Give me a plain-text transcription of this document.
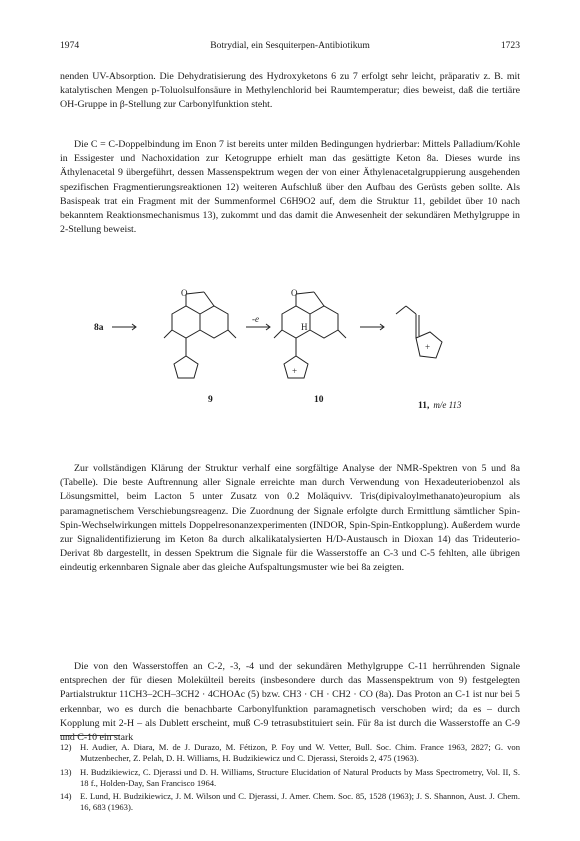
1974	Botrydial, ein Sesquiterpen-Antibiotikum	1723

nenden UV-Absorption. Die Dehydratisierung des Hydroxyketons 6 zu 7 erfolgt sehr leicht, präparativ z. B. mit katalytischen Mengen p-Toluolsulfonsäure in Methylenchlorid bei Raumtemperatur; dies beweist, daß die tertiäre OH-Gruppe in β-Stellung zur Carbonylfunktion steht.

Die C = C-Doppelbindung im Enon 7 ist bereits unter milden Bedingungen hydrierbar: Mittels Palladium/Kohle in Essigester und Nachoxidation zur Ketogruppe erhielt man das gesättigte Keton 8a. Dieses wurde ins Äthylenacetal 9 übergeführt, dessen Massenspektrum wegen der von einer Äthylenacetalgruppierung ausgehenden spezifischen Fragmentierungsreaktionen 12) weiteren Aufschluß über den Aufbau des Gerüsts geben sollte. Als Basispeak trat ein Fragment mit der Summenformel C6H9O2 auf, dem die Struktur 11, gebildet über 10 nach bekanntem Reaktionsmechanismus 13), zukommt und das damit die Anwesenheit der sekundären Methylgruppe in 2-Stellung beweist.

O	O
H
+
+
-e
8a
9	10
11, m/e 113

Zur vollständigen Klärung der Struktur verhalf eine sorgfältige Analyse der NMR-Spektren von 5 und 8a (Tabelle). Die beste Auftrennung aller Signale erreichte man durch Verwendung von Hexadeuteriobenzol als Lösungsmittel, beim Lacton 5 unter Zusatz von 0.2 Moläquivv. Tris(dipivaloylmethanato)europium als paramagnetischem Verschiebungsreagenz. Die Zuordnung der Signale erfolgte durch Ermittlung sämtlicher Spin-Spin-Wechselwirkungen mittels Doppelresonanzexperimenten (INDOR, Spin-Spin-Entkopplung). Außerdem wurde zur Signalidentifizierung im Keton 8a durch alkalikatalysierten H/D-Austausch in Dioxan 14) das Trideuterio-Derivat 8b dargestellt, in dessen Spektrum die Signale für die Wasserstoffe an C-3 und C-5 fehlten, alle übrigen eindeutig erkennbaren Signale aber das gleiche Aufspaltungsmuster wie bei 8a zeigten.

Die von den Wasserstoffen an C-2, -3, -4 und der sekundären Methylgruppe C-11 herrührenden Signale entsprechen der für diesen Molekülteil bereits (insbesondere durch das Massenspektrum von 9) festgelegten Partialstruktur 11CH3–2CH–3CH2 · 4CHOAc (5) bzw. CH3 · CH · CH2 · CO (8a). Das Proton an C-1 ist nur bei 5 erkennbar, wo es durch die benachbarte Carbonylfunktion paramagnetisch verschoben wird; da es – durch Kopplung mit 2-H – als Dublett erscheint, muß C-9 tetrasubstituiert sein. Für 8a ist durch die Wasserstoffe an C-9 und C-10 ein stark

12) H. Audier, A. Diara, M. de J. Durazo, M. Fétizon, P. Foy und W. Vetter, Bull. Soc. Chim. France 1963, 2827; G. von Mutzenbecher, Z. Pelah, D. H. Williams, H. Budzikiewicz und C. Djerassi, Steroids 2, 475 (1963).
13) H. Budzikiewicz, C. Djerassi und D. H. Williams, Structure Elucidation of Natural Products by Mass Spectrometry, Vol. II, S. 18 f., Holden-Day, San Francisco 1964.
14) E. Lund, H. Budzikiewicz, J. M. Wilson und C. Djerassi, J. Amer. Chem. Soc. 85, 1528 (1963); J. S. Shannon, Aust. J. Chem. 16, 683 (1963).
